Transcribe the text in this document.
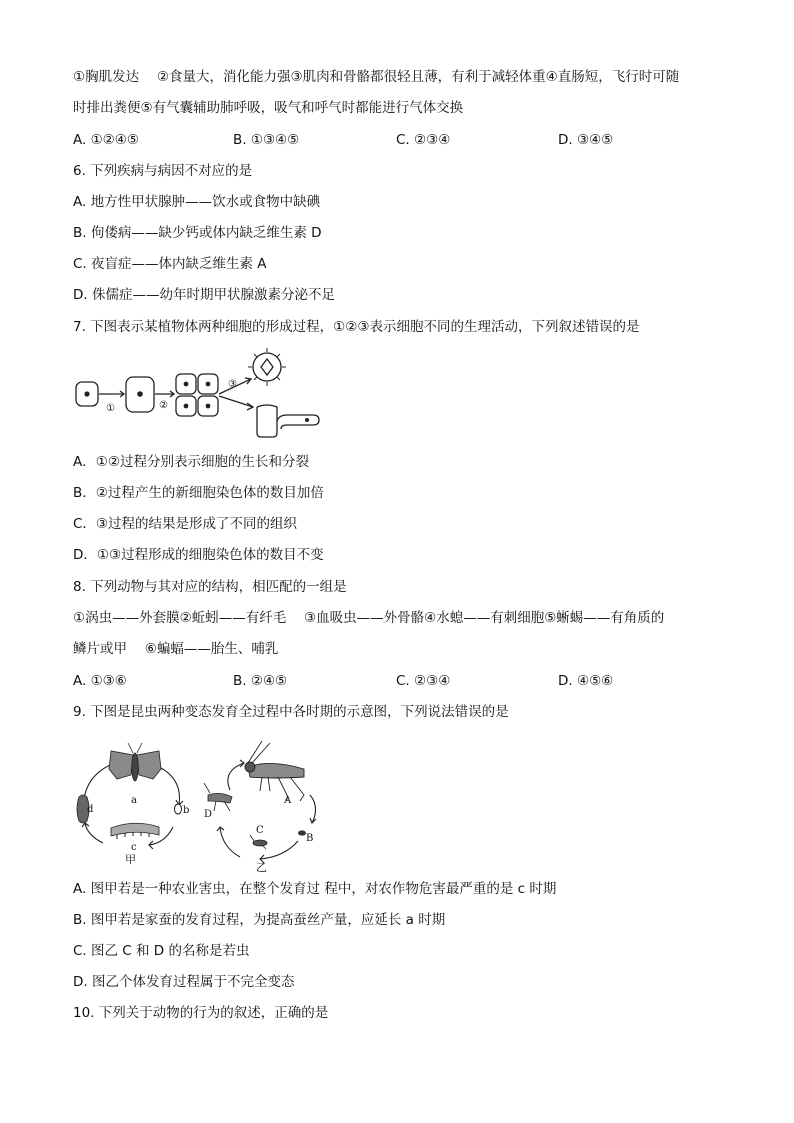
①胸肌发达　 ②食量大，消化能力强③肌肉和骨骼都很轻且薄，有利于减轻体重④直肠短，飞行时可随
时排出粪便⑤有气囊辅助肺呼吸，吸气和呼气时都能进行气体交换
A. ①②④⑤	B. ①③④⑤	C. ②③④	D. ③④⑤
6. 下列疾病与病因不对应的是
A. 地方性甲状腺肿——饮水或食物中缺碘
B. 佝偻病——缺少钙或体内缺乏维生素 D
C. 夜盲症——体内缺乏维生素 A
D. 侏儒症——幼年时期甲状腺激素分泌不足
7. 下图表示某植物体两种细胞的形成过程，①②③表示细胞不同的生理活动，下列叙述错误的是
①	②
③
A．①②过程分别表示细胞的生长和分裂
B．②过程产生的新细胞染色体的数目加倍
C．③过程的结果是形成了不同的组织
D．①③过程形成的细胞染色体的数目不变
8. 下列动物与其对应的结构，相匹配的一组是
①涡虫——外套膜②蚯蚓——有纤毛　 ③血吸虫——外骨骼④水螅——有刺细胞⑤蜥蜴——有角质的
鳞片或甲　 ⑥蝙蝠——胎生、哺乳
A. ①③⑥	B. ②④⑤	C. ②③④	D. ④⑤⑥
9. 下图是昆虫两种变态发育全过程中各时期的示意图，下列说法错误的是
a
b
c
d
甲
A
B
C
D
乙
A. 图甲若是一种农业害虫，在整个发育过 程中，对农作物危害最严重的是 c 时期
B. 图甲若是家蚕的发育过程，为提高蚕丝产量，应延长 a 时期
C. 图乙 C 和 D 的名称是若虫
D. 图乙个体发育过程属于不完全变态
10. 下列关于动物的行为的叙述，正确的是
